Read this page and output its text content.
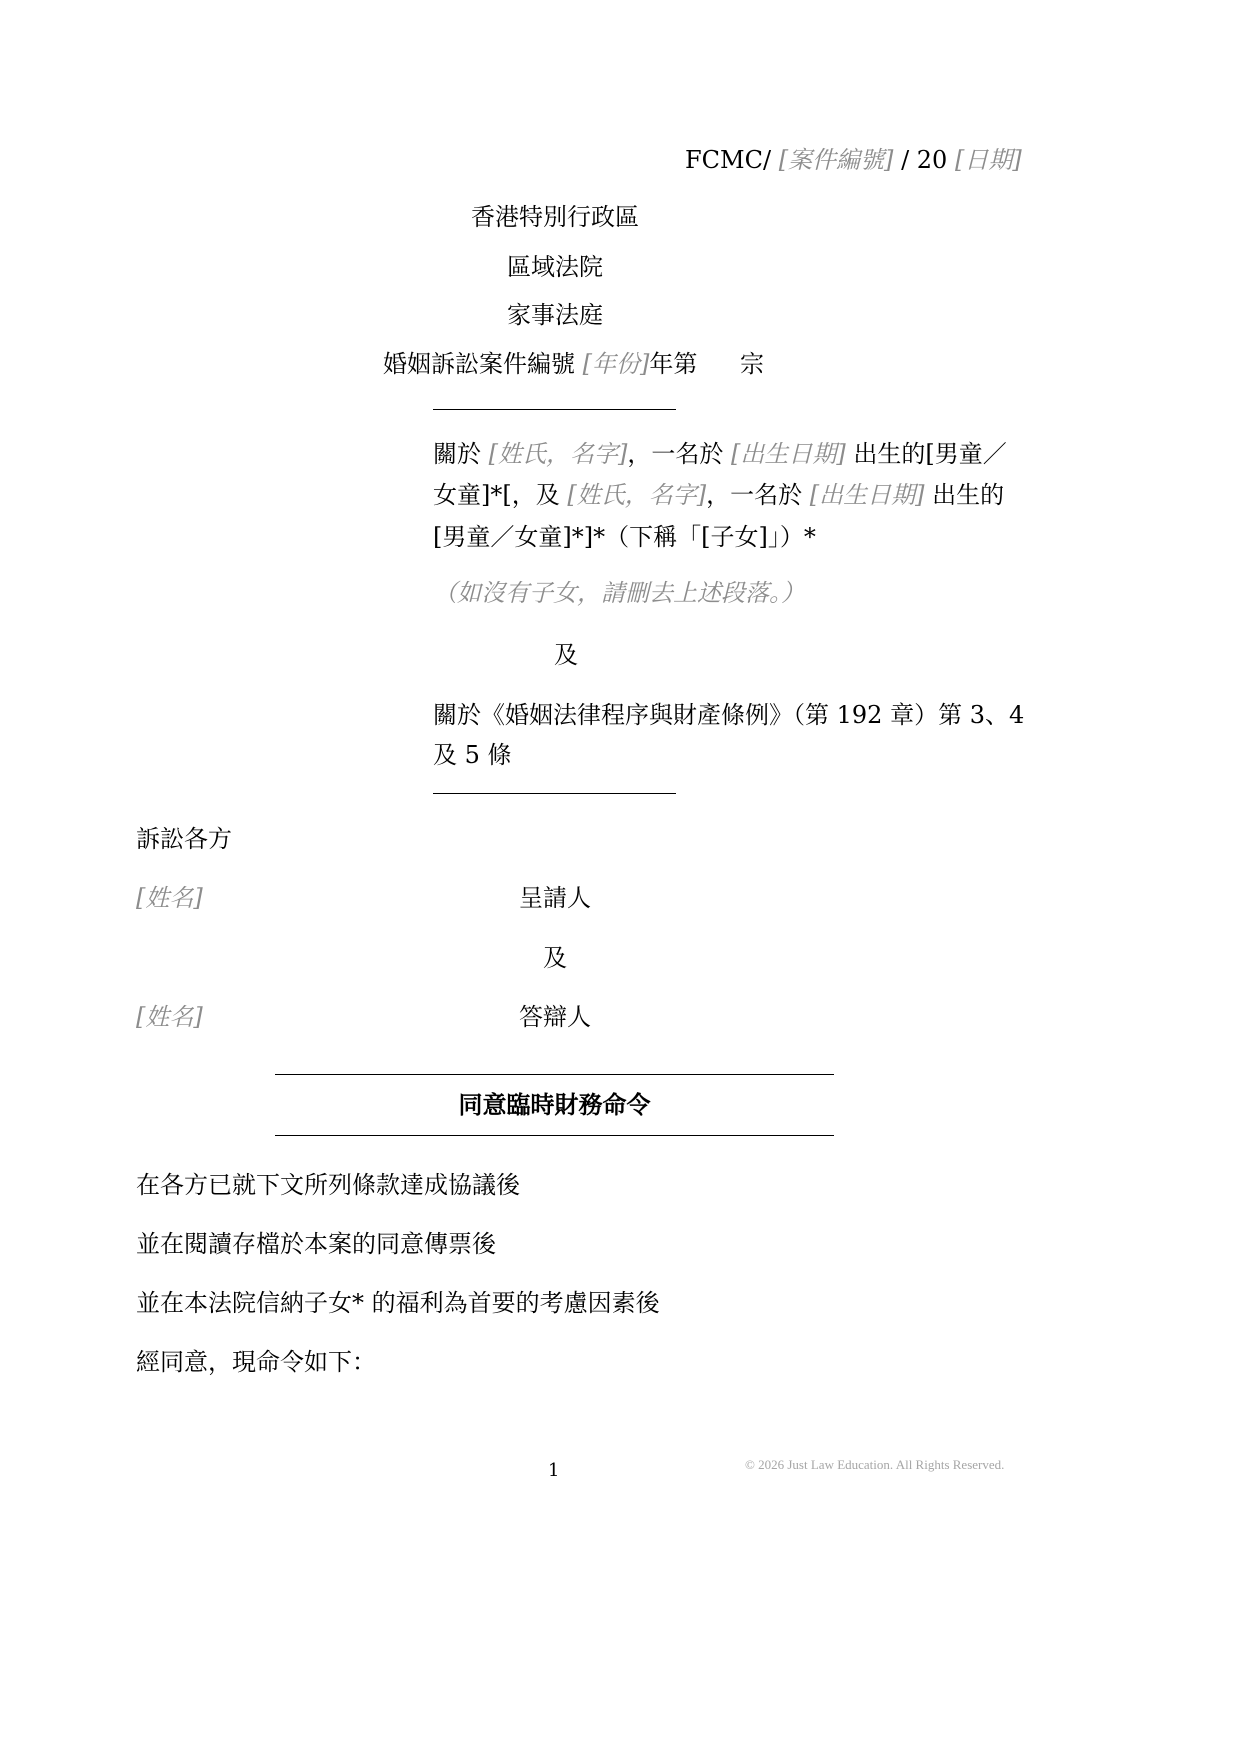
FCMC/ [案件編號] / 20 [日期]
香港特別行政區
區域法院
家事法庭
婚姻訴訟案件編號 [年份]年第 宗
關於 [姓氏，名字]，一名於 [出生日期] 出生的[男童／
女童]*[，及 [姓氏，名字]，一名於 [出生日期] 出生的
[男童／女童]*]*（下稱「[子女]」）*
（如沒有子女，請刪去上述段落。）
及
關於《婚姻法律程序與財產條例》（第 192 章）第 3、4
及 5 條
訴訟各方
[姓名]	呈請人
及
[姓名]	答辯人
同意臨時財務命令
在各方已就下文所列條款達成協議後
並在閱讀存檔於本案的同意傳票後
並在本法院信納子女* 的福利為首要的考慮因素後
經同意，現命令如下：
1	© 2026 Just Law Education. All Rights Reserved.
